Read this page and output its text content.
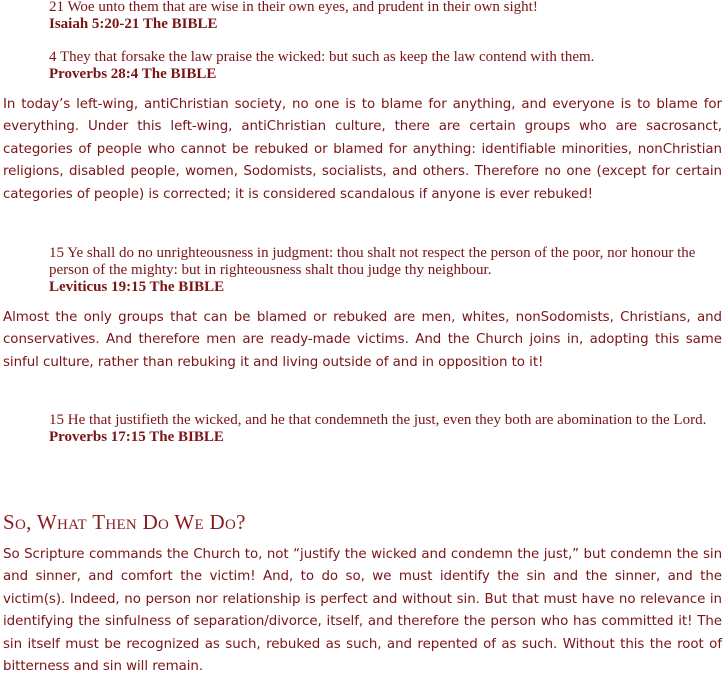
21 Woe unto them that are wise in their own eyes, and prudent in their own sight!
Isaiah 5:20-21 The BIBLE
4 They that forsake the law praise the wicked: but such as keep the law contend with them.
Proverbs 28:4 The BIBLE

In today’s left-wing, antiChristian society, no one is to blame for anything, and everyone is to blame for everything. Under this left-wing, antiChristian culture, there are certain groups who are sacrosanct, categories of people who cannot be rebuked or blamed for anything: identifiable minorities, nonChristian religions, disabled people, women, Sodomists, socialists, and others. Therefore no one (except for certain categories of people) is corrected; it is considered scandalous if anyone is ever rebuked!

15 Ye shall do no unrighteousness in judgment: thou shalt not respect the person of the poor, nor honour the person of the mighty: but in righteousness shalt thou judge thy neighbour.
Leviticus 19:15 The BIBLE

Almost the only groups that can be blamed or rebuked are men, whites, nonSodomists, Christians, and conservatives. And therefore men are ready-made victims. And the Church joins in, adopting this same sinful culture, rather than rebuking it and living outside of and in opposition to it!

15 He that justifieth the wicked, and he that condemneth the just, even they both are abomination to the Lord.
Proverbs 17:15 The BIBLE
So, What Then Do We Do?

So Scripture commands the Church to, not “justify the wicked and condemn the just,” but condemn the sin and sinner, and comfort the victim! And, to do so, we must identify the sin and the sinner, and the victim(s). Indeed, no person nor relationship is perfect and without sin. But that must have no relevance in identifying the sinfulness of separation/divorce, itself, and therefore the person who has committed it! The sin itself must be recognized as such, rebuked as such, and repented of as such. Without this the root of bitterness and sin will remain.
